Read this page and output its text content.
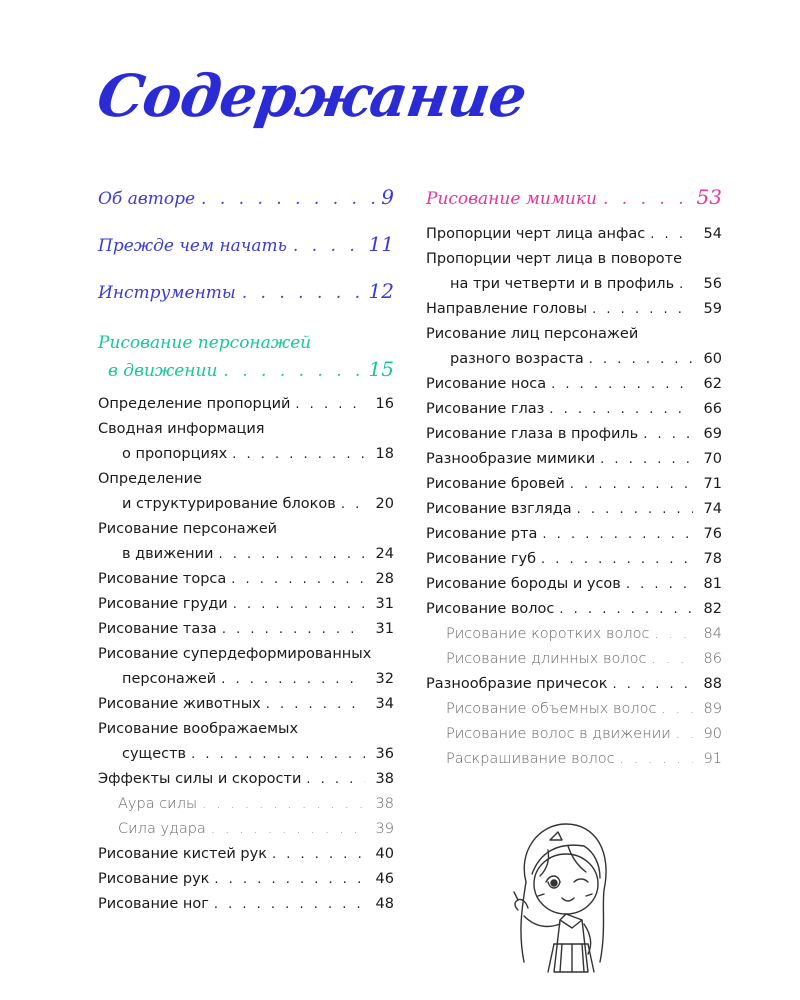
Содержание
Об авторе . . .	9
Прежде чем начать . . .	11
Инструменты . . .	12
Рисование персонажей
в движении . . .	15
Определение пропорций . . .	16
Сводная информация
о пропорциях . . .	18
Определение
и структурирование блоков . . .	20
Рисование персонажей
в движении . . .	24
Рисование торса . . .	28
Рисование груди . . .	31
Рисование таза . . .	31
Рисование супердеформированных
персонажей . . .	32
Рисование животных . . .	34
Рисование воображаемых
существ . . .	36
Эффекты силы и скорости . . .	38
Аура силы . . .	38
Сила удара . . .	39
Рисование кистей рук . . .	40
Рисование рук . . .	46
Рисование ног . . .	48
Рисование мимики . . .	53
Пропорции черт лица анфас . . .	54
Пропорции черт лица в повороте
на три четверти и в профиль . . .	56
Направление головы . . .	59
Рисование лиц персонажей
разного возраста . . .	60
Рисование носа . . .	62
Рисование глаз . . .	66
Рисование глаза в профиль . . .	69
Разнообразие мимики . . .	70
Рисование бровей . . .	71
Рисование взгляда . . .	74
Рисование рта . . .	76
Рисование губ . . .	78
Рисование бороды и усов . . .	81
Рисование волос . . .	82
Рисование коротких волос . . .	84
Рисование длинных волос . . .	86
Разнообразие причесок . . .	88
Рисование объемных волос . . .	89
Рисование волос в движении . . .	90
Раскрашивание волос . . .	91
